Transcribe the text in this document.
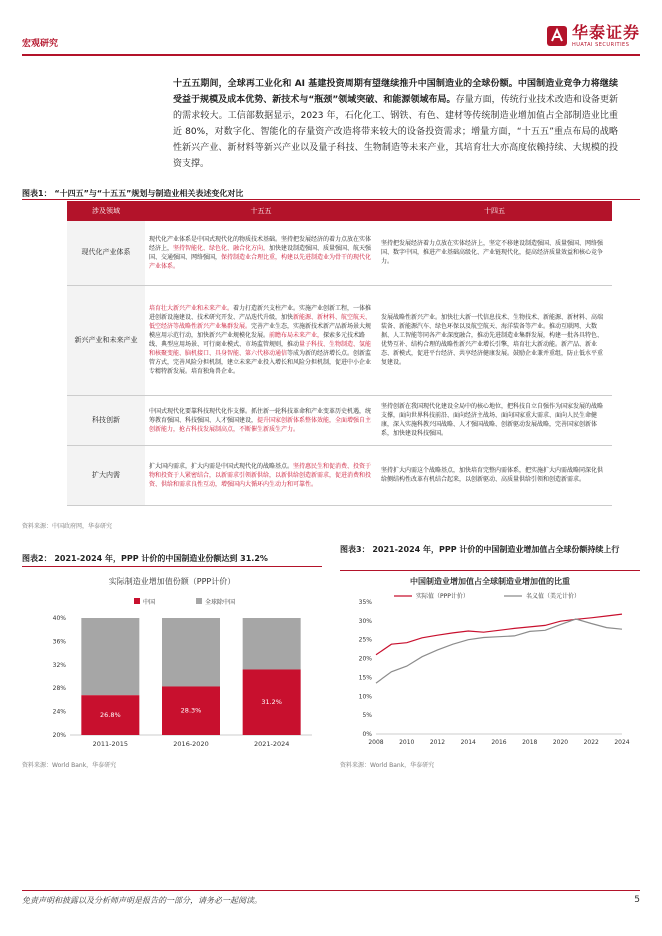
宏观研究
华泰证券
HUATAI SECURITIES
十五五期间，全球再工业化和 AI 基建投资周期有望继续推升中国制造业的全球份额。中国制造业竞争力将继续受益于规模及成本优势、新技术与“瓶颈”领域突破、和能源领域布局。存量方面，传统行业技术改造和设备更新的需求较大。工信部数据显示，2023 年，石化化工、钢铁、有色、建材等传统制造业增加值占全部制造业比重近 80%，对数字化、智能化的存量资产改造将带来较大的设备投资需求；增量方面，“十五五”重点布局的战略性新兴产业、新材料等新兴产业以及量子科技、生物制造等未来产业，其培育壮大亦高度依赖持续、大规模的投资支撑。
图表1： “十四五”与“十五五”规划与制造业相关表述变化对比
涉及领域	十五五	十四五
现代化产业体系	现代化产业体系是中国式现代化的物质技术基础。坚持把发展经济的着力点放在实体经济上，坚持智能化、绿色化、融合化方向，加快建设制造强国、质量强国、航天强国、交通强国、网络强国，保持制造业合理比重，构建以先进制造业为骨干的现代化产业体系。	坚持把发展经济着力点放在实体经济上，坚定不移建设制造强国、质量强国、网络强国、数字中国，推进产业基础高级化、产业链现代化，提高经济质量效益和核心竞争力。
新兴产业和未来产业	培育壮大新兴产业和未来产业。着力打造新兴支柱产业。实施产业创新工程，一体推进创新设施建设、技术研究开发、产品迭代升级，加快新能源、新材料、航空航天、低空经济等战略性新兴产业集群发展。完善产业生态，实施新技术新产品新场景大规模应用示范行动，加快新兴产业规模化发展。前瞻布局未来产业，探索多元技术路线、典型应用场景、可行商业模式、市场监管规则，推动量子科技、生物制造、氢能和核聚变能、脑机接口、具身智能、第六代移动通信等成为新的经济增长点。创新监管方式，完善风险分担机制，建立未来产业投入增长和风险分担机制，促进中小企业专精特新发展。培育独角兽企业。	发展战略性新兴产业。加快壮大新一代信息技术、生物技术、新能源、新材料、高端装备、新能源汽车、绿色环保以及航空航天、海洋装备等产业。推动互联网、大数据、人工智能等同各产业深度融合，推动先进制造业集群发展，构建一批各具特色、优势互补、结构合理的战略性新兴产业增长引擎，培育壮大新动能。新产品、新业态、新模式，促进平台经济、共享经济健康发展。鼓励企业兼并重组，防止低水平重复建设。
科技创新	中国式现代化要靠科技现代化作支撑。抓住新一轮科技革命和产业变革历史机遇，统筹教育强国、科技强国、人才强国建设，提升国家创新体系整体效能，全面增强自主创新能力，抢占科技发展制高点，不断催生新质生产力。	坚持创新在我国现代化建设全局中的核心地位，把科技自立自强作为国家发展的战略支撑，面向世界科技前沿、面向经济主战场、面向国家重大需求、面向人民生命健康，深入实施科教兴国战略、人才强国战略、创新驱动发展战略，完善国家创新体系，加快建设科技强国。
扩大内需	扩大国内需求，扩大内需是中国式现代化的战略基点。坚持惠民生和促消费、投资于物和投资于人紧密结合，以新需求引领新供给，以新供给创造新需求，促进消费和投资、供给和需求良性互动，增强国内大循环内生动力和可靠性。	坚持扩大内需这个战略基点，加快培育完整内需体系，把实施扩大内需战略同深化供给侧结构性改革有机结合起来，以创新驱动、高质量供给引领和创造新需求。
资料来源：中国政府网，华泰研究
图表2： 2021-2024 年，PPP 计价的中国制造业份额达到 31.2%
实际制造业增加值份额（PPP计价）
中国	全球除中国
20%
24%
28%
32%
36%
40%
26.8%
2011-2015
28.3%
2016-2020
31.2%
2021-2024
资料来源：World Bank，华泰研究
图表3： 2021-2024 年，PPP 计价的中国制造业增加值占全球份额持续上行
中国制造业增加值占全球制造业增加值的比重
实际值（PPP计价）	名义值（美元计价）
0%
5%
10%
15%
20%
25%
30%
35%
2008	2010	2012	2014	2016	2018	2020	2022	2024
资料来源：World Bank，华泰研究
免责声明和披露以及分析师声明是报告的一部分，请务必一起阅读。	5
